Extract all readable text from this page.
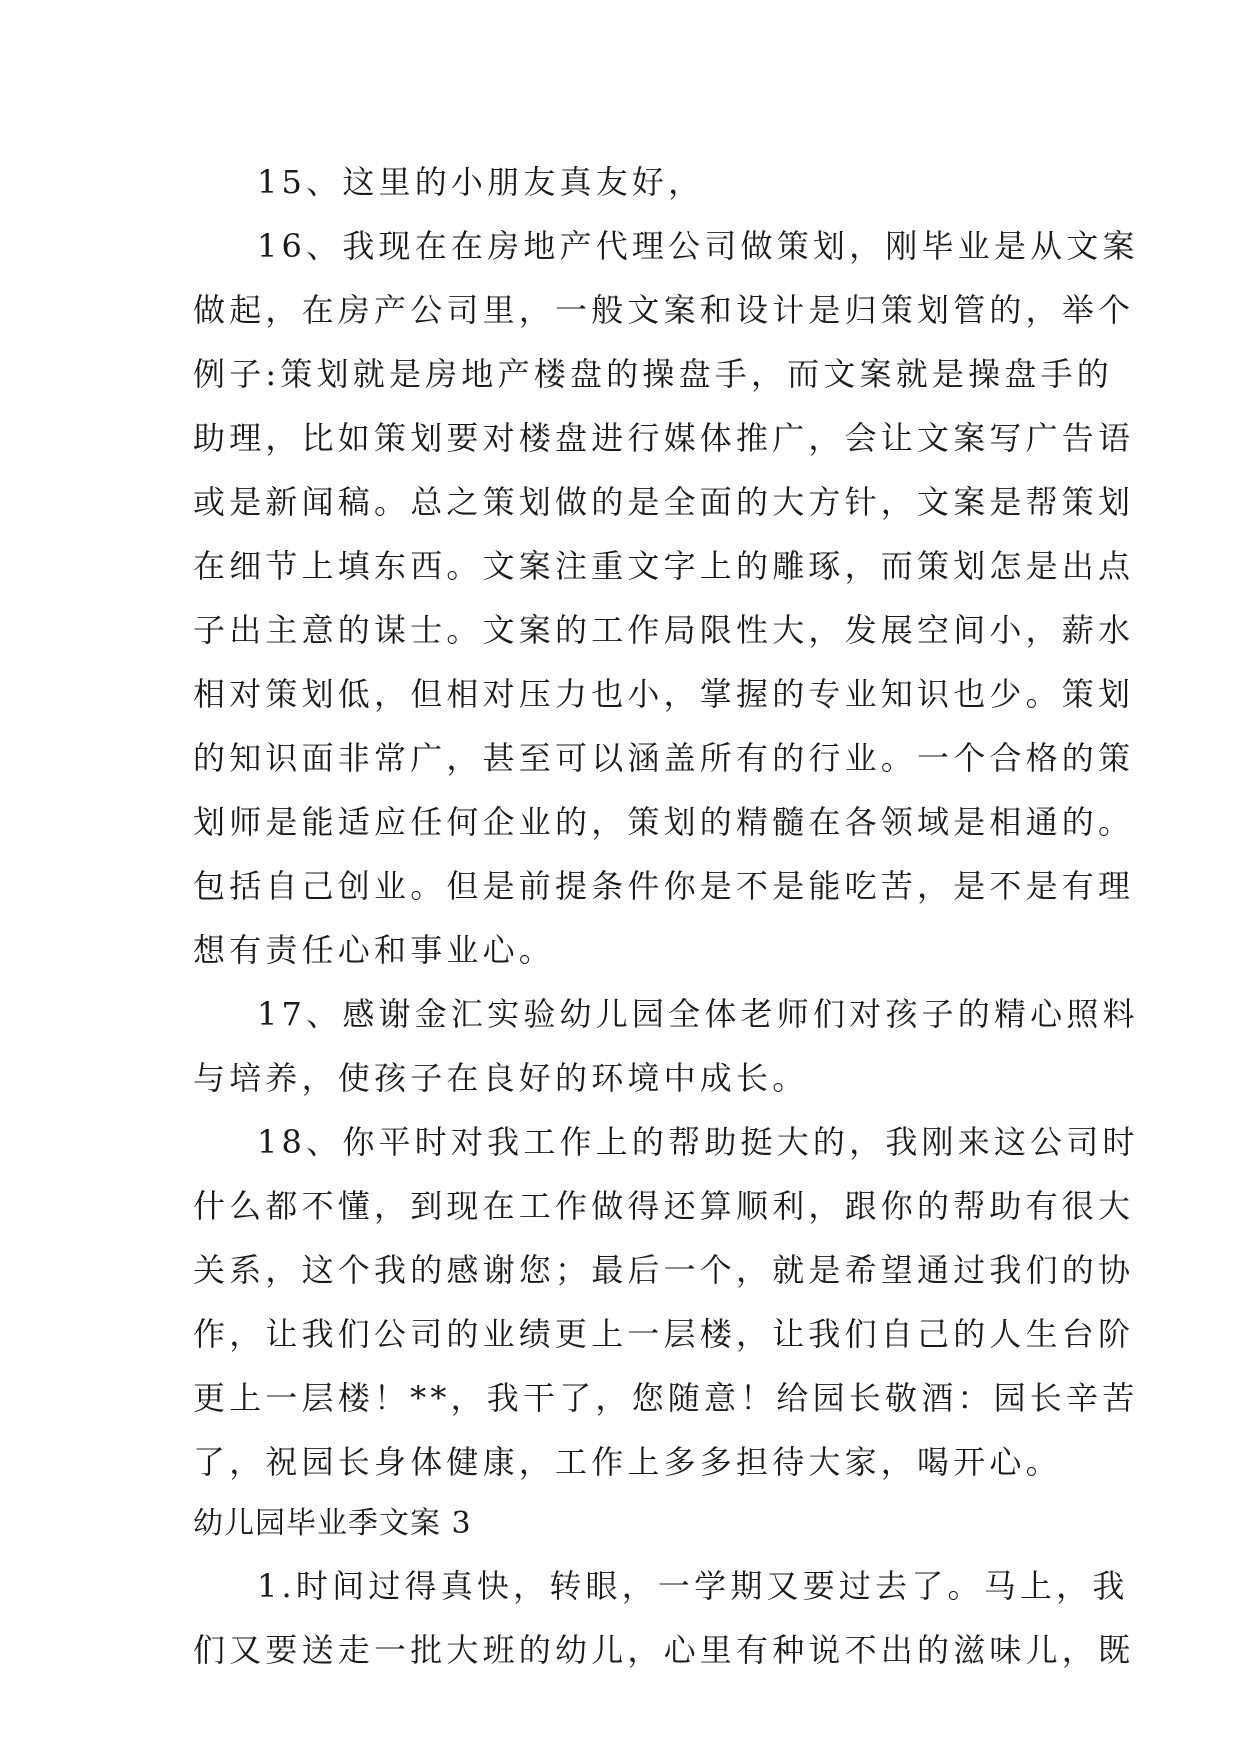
15、这里的小朋友真友好，
16、我现在在房地产代理公司做策划，刚毕业是从文案
做起，在房产公司里，一般文案和设计是归策划管的，举个
例子:策划就是房地产楼盘的操盘手，而文案就是操盘手的
助理，比如策划要对楼盘进行媒体推广，会让文案写广告语
或是新闻稿。总之策划做的是全面的大方针，文案是帮策划
在细节上填东西。文案注重文字上的雕琢，而策划怎是出点
子出主意的谋士。文案的工作局限性大，发展空间小，薪水
相对策划低，但相对压力也小，掌握的专业知识也少。策划
的知识面非常广，甚至可以涵盖所有的行业。一个合格的策
划师是能适应任何企业的，策划的精髓在各领域是相通的。
包括自己创业。但是前提条件你是不是能吃苦，是不是有理
想有责任心和事业心。
17、感谢金汇实验幼儿园全体老师们对孩子的精心照料
与培养，使孩子在良好的环境中成长。
18、你平时对我工作上的帮助挺大的，我刚来这公司时
什么都不懂，到现在工作做得还算顺利，跟你的帮助有很大
关系，这个我的感谢您；最后一个，就是希望通过我们的协
作，让我们公司的业绩更上一层楼，让我们自己的人生台阶
更上一层楼！**，我干了，您随意！给园长敬酒：园长辛苦
了，祝园长身体健康，工作上多多担待大家，喝开心。
幼儿园毕业季文案 3
1.时间过得真快，转眼，一学期又要过去了。马上，我
们又要送走一批大班的幼儿，心里有种说不出的滋味儿，既
